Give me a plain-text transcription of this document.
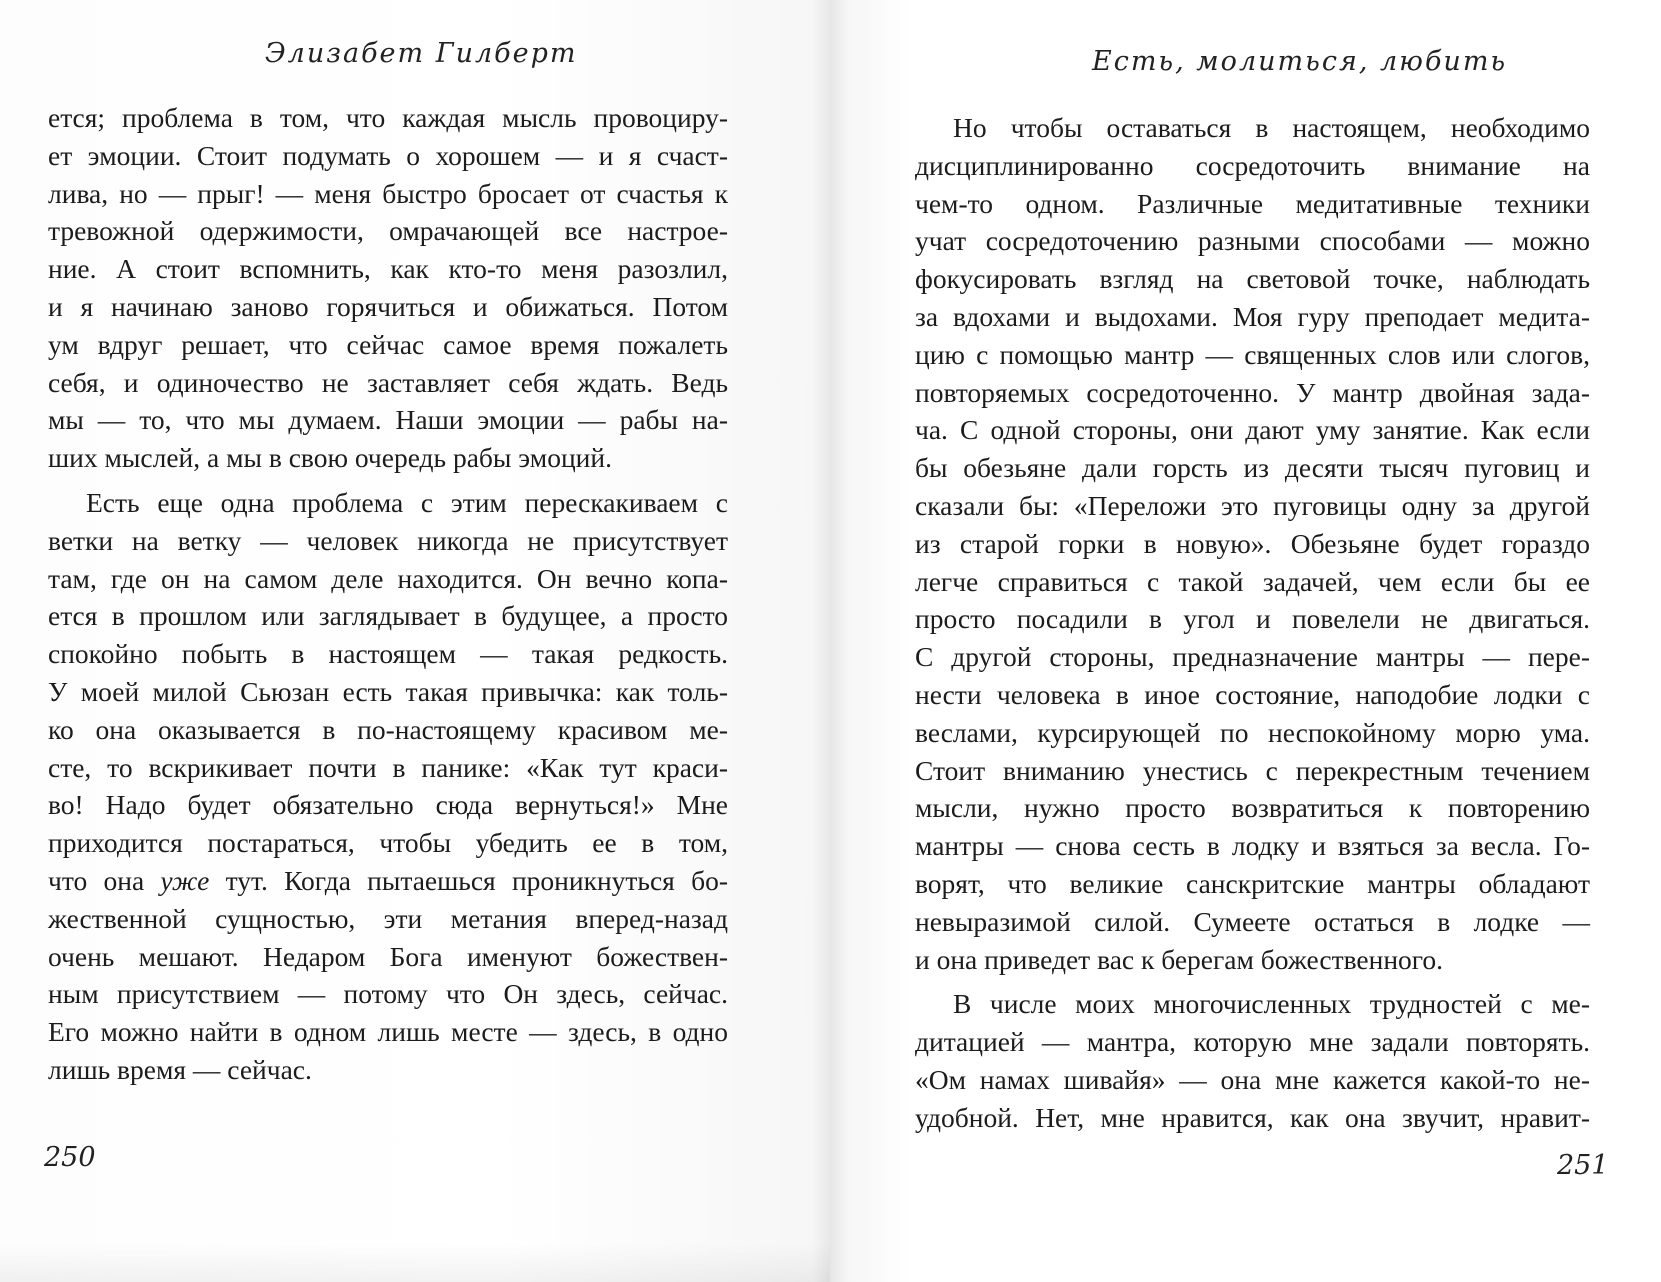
Элизабет Гилберт
ется; проблема в том, что каждая мысль провоциру-
ет эмоции. Стоит подумать о хорошем — и я счаст-
лива, но — прыг! — меня быстро бросает от счастья к
тревожной одержимости, омрачающей все настрое-
ние. А стоит вспомнить, как кто-то меня разозлил,
и я начинаю заново горячиться и обижаться. Потом
ум вдруг решает, что сейчас самое время пожалеть
себя, и одиночество не заставляет себя ждать. Ведь
мы — то, что мы думаем. Наши эмоции — рабы на-
ших мыслей, а мы в свою очередь рабы эмоций.
Есть еще одна проблема с этим перескакиваем с
ветки на ветку — человек никогда не присутствует
там, где он на самом деле находится. Он вечно копа-
ется в прошлом или заглядывает в будущее, а просто
спокойно побыть в настоящем — такая редкость.
У моей милой Сьюзан есть такая привычка: как толь-
ко она оказывается в по-настоящему красивом ме-
сте, то вскрикивает почти в панике: «Как тут краси-
во! Надо будет обязательно сюда вернуться!» Мне
приходится постараться, чтобы убедить ее в том,
что она уже тут. Когда пытаешься проникнуться бо-
жественной сущностью, эти метания вперед-назад
очень мешают. Недаром Бога именуют божествен-
ным присутствием — потому что Он здесь, сейчас.
Его можно найти в одном лишь месте — здесь, в одно
лишь время — сейчас.
250
Есть, молиться, любить
Но чтобы оставаться в настоящем, необходимо
дисциплинированно сосредоточить внимание на
чем-то одном. Различные медитативные техники
учат сосредоточению разными способами — можно
фокусировать взгляд на световой точке, наблюдать
за вдохами и выдохами. Моя гуру преподает медита-
цию с помощью мантр — священных слов или слогов,
повторяемых сосредоточенно. У мантр двойная зада-
ча. С одной стороны, они дают уму занятие. Как если
бы обезьяне дали горсть из десяти тысяч пуговиц и
сказали бы: «Переложи это пуговицы одну за другой
из старой горки в новую». Обезьяне будет гораздо
легче справиться с такой задачей, чем если бы ее
просто посадили в угол и повелели не двигаться.
С другой стороны, предназначение мантры — пере-
нести человека в иное состояние, наподобие лодки с
веслами, курсирующей по неспокойному морю ума.
Стоит вниманию унестись с перекрестным течением
мысли, нужно просто возвратиться к повторению
мантры — снова сесть в лодку и взяться за весла. Го-
ворят, что великие санскритские мантры обладают
невыразимой силой. Сумеете остаться в лодке —
и она приведет вас к берегам божественного.
В числе моих многочисленных трудностей с ме-
дитацией — мантра, которую мне задали повторять.
«Ом намах шивайя» — она мне кажется какой-то не-
удобной. Нет, мне нравится, как она звучит, нравит-
251
